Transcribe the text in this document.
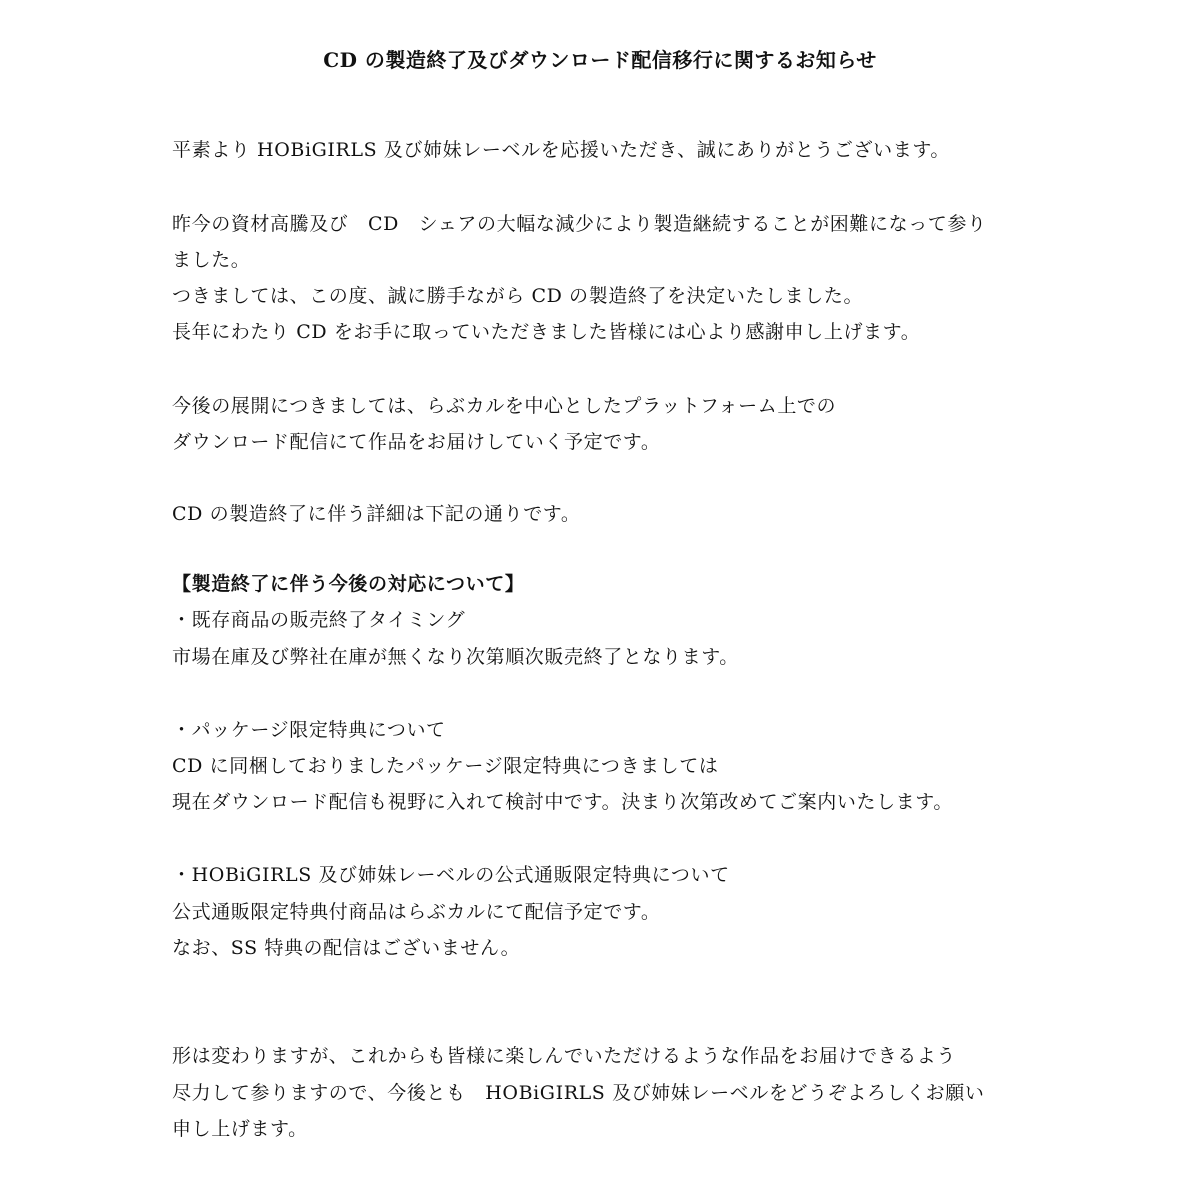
CD の製造終了及びダウンロード配信移行に関するお知らせ
平素より HOBiGIRLS 及び姉妹レーベルを応援いただき、誠にありがとうございます。
昨今の資材高騰及び　CD　シェアの大幅な減少により製造継続することが困難になって参り
ました。
つきましては、この度、誠に勝手ながら CD の製造終了を決定いたしました。
長年にわたり CD をお手に取っていただきました皆様には心より感謝申し上げます。
今後の展開につきましては、らぶカルを中心としたプラットフォーム上での
ダウンロード配信にて作品をお届けしていく予定です。
CD の製造終了に伴う詳細は下記の通りです。
【製造終了に伴う今後の対応について】
・既存商品の販売終了タイミング
市場在庫及び弊社在庫が無くなり次第順次販売終了となります。
・パッケージ限定特典について
CD に同梱しておりましたパッケージ限定特典につきましては
現在ダウンロード配信も視野に入れて検討中です。決まり次第改めてご案内いたします。
・HOBiGIRLS 及び姉妹レーベルの公式通販限定特典について
公式通販限定特典付商品はらぶカルにて配信予定です。
なお、SS 特典の配信はございません。
形は変わりますが、これからも皆様に楽しんでいただけるような作品をお届けできるよう
尽力して参りますので、今後とも　HOBiGIRLS 及び姉妹レーベルをどうぞよろしくお願い
申し上げます。
